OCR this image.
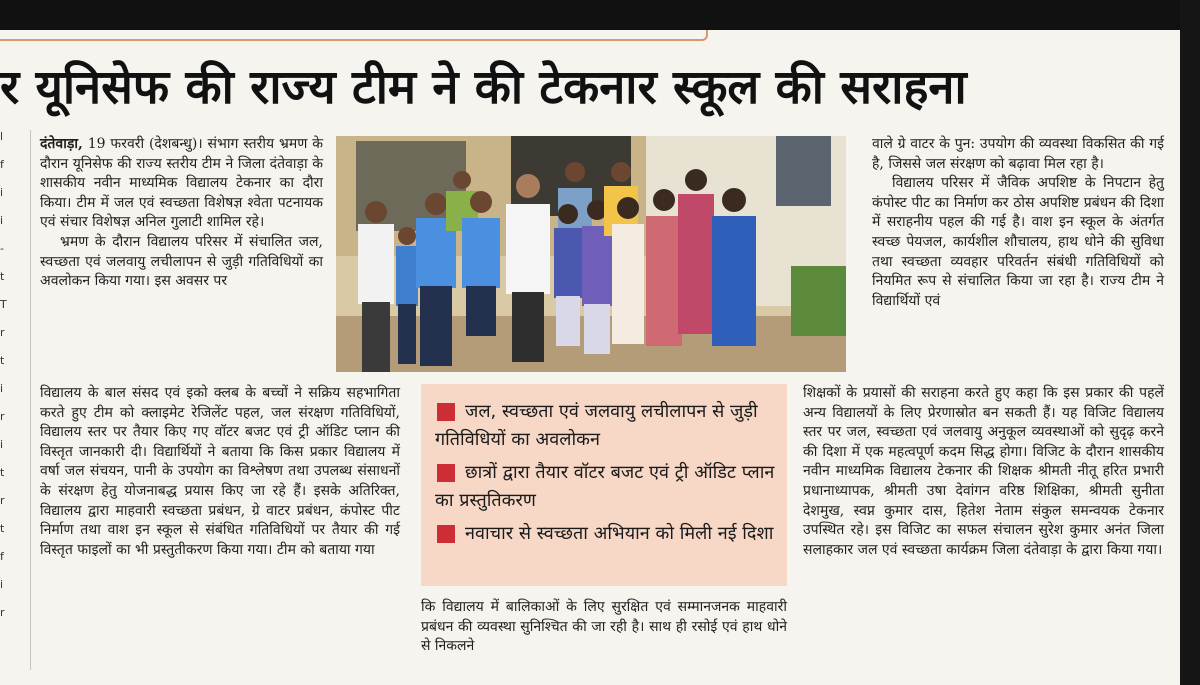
र यूनिसेफ की राज्य टीम ने की टेकनार स्कूल की सराहना
l
f
i
i
-
t
T
r
t
i
r
i
t
r
t
f
i
r

दंतेवाड़ा, 19 फरवरी (देशबन्धु)। संभाग स्तरीय भ्रमण के दौरान यूनिसेफ की राज्य स्तरीय टीम ने जिला दंतेवाड़ा के शासकीय नवीन माध्यमिक विद्यालय टेकनार का दौरा किया। टीम में जल एवं स्वच्छता विशेषज्ञ श्वेता पटनायक एवं संचार विशेषज्ञ अनिल गुलाटी शामिल रहे।

भ्रमण के दौरान विद्यालय परिसर में संचालित जल, स्वच्छता एवं जलवायु लचीलापन से जुड़ी गतिविधियों का अवलोकन किया गया। इस अवसर पर

विद्यालय के बाल संसद एवं इको क्लब के बच्चों ने सक्रिय सहभागिता करते हुए टीम को क्लाइमेट रेजिलेंट पहल, जल संरक्षण गतिविधियों, विद्यालय स्तर पर तैयार किए गए वॉटर बजट एवं ट्री ऑडिट प्लान की विस्तृत जानकारी दी। विद्यार्थियों ने बताया कि किस प्रकार विद्यालय में वर्षा जल संचयन, पानी के उपयोग का विश्लेषण तथा उपलब्ध संसाधनों के संरक्षण हेतु योजनाबद्ध प्रयास किए जा रहे हैं। इसके अतिरिक्त, विद्यालय द्वारा माहवारी स्वच्छता प्रबंधन, ग्रे वाटर प्रबंधन, कंपोस्ट पीट निर्माण तथा वाश इन स्कूल से संबंधित गतिविधियों पर तैयार की गई विस्तृत फाइलों का भी प्रस्तुतीकरण किया गया। टीम को बताया गया

जल, स्वच्छता एवं जलवायु लचीलापन से जुड़ी गतिविधियों का अवलोकन
छात्रों द्वारा तैयार वॉटर बजट एवं ट्री ऑडिट प्लान का प्रस्तुतिकरण
नवाचार से स्वच्छता अभियान को मिली नई दिशा

कि विद्यालय में बालिकाओं के लिए सुरक्षित एवं सम्मानजनक माहवारी प्रबंधन की व्यवस्था सुनिश्चित की जा रही है। साथ ही रसोई एवं हाथ धोने से निकलने

वाले ग्रे वाटर के पुन: उपयोग की व्यवस्था विकसित की गई है, जिससे जल संरक्षण को बढ़ावा मिल रहा है।

विद्यालय परिसर में जैविक अपशिष्ट के निपटान हेतु कंपोस्ट पीट का निर्माण कर ठोस अपशिष्ट प्रबंधन की दिशा में सराहनीय पहल की गई है। वाश इन स्कूल के अंतर्गत स्वच्छ पेयजल, कार्यशील शौचालय, हाथ धोने की सुविधा तथा स्वच्छता व्यवहार परिवर्तन संबंधी गतिविधियों को नियमित रूप से संचालित किया जा रहा है। राज्य टीम ने विद्यार्थियों एवं

शिक्षकों के प्रयासों की सराहना करते हुए कहा कि इस प्रकार की पहलें अन्य विद्यालयों के लिए प्रेरणास्रोत बन सकती हैं। यह विजिट विद्यालय स्तर पर जल, स्वच्छता एवं जलवायु अनुकूल व्यवस्थाओं को सुदृढ़ करने की दिशा में एक महत्वपूर्ण कदम सिद्ध होगा। विजिट के दौरान शासकीय नवीन माध्यमिक विद्यालय टेकनार की शिक्षक श्रीमती नीतू हरित प्रभारी प्रधानाध्यापक, श्रीमती उषा देवांगन वरिष्ठ शिक्षिका, श्रीमती सुनीता देशमुख, स्वप्न कुमार दास, हितेश नेताम संकुल समन्वयक टेकनार उपस्थित रहे। इस विजिट का सफल संचालन सुरेश कुमार अनंत जिला सलाहकार जल एवं स्वच्छता कार्यक्रम जिला दंतेवाड़ा के द्वारा किया गया।
